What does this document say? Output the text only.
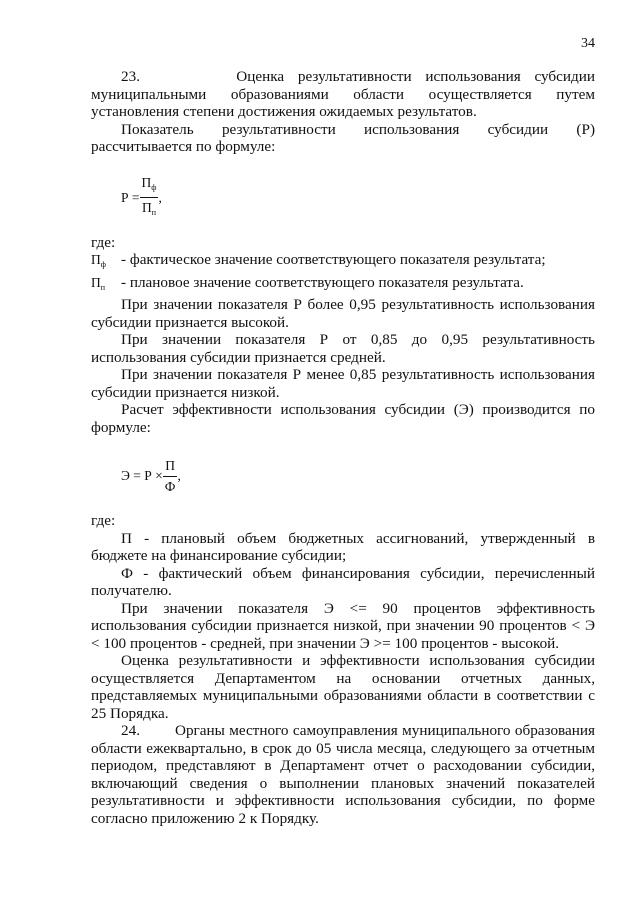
34

23.       Оценка результативности использования субсидии муниципальными образованиями области осуществляется путем установления степени достижения ожидаемых результатов.

Показатель результативности использования субсидии (Р) рассчитывается по формуле:

$Р = \frac{П_ф}{П_п}$ ,

где:

$П_ф$ - фактическое значение соответствующего показателя результата;
$П_п$	- плановое значение соответствующего показателя результата.

При значении показателя Р более 0,95 результативность использования субсидии признается высокой.

При значении показателя Р от 0,85 до 0,95 результативность использования субсидии признается средней.

При значении показателя Р менее 0,85 результативность использования субсидии признается низкой.

Расчет эффективности использования субсидии (Э) производится по формуле:

$Э = Р \times \frac{П}{Ф}$ ,

где:

П - плановый объем бюджетных ассигнований, утвержденный в бюджете на финансирование субсидии;

Ф - фактический объем финансирования субсидии, перечисленный получателю.

При значении показателя Э <= 90 процентов эффективность использования субсидии признается низкой, при значении 90 процентов < Э < 100 процентов - средней, при значении Э >= 100 процентов - высокой.

Оценка результативности и эффективности использования субсидии осуществляется Департаментом на основании отчетных данных, представляемых муниципальными образованиями области в соответствии с 25 Порядка.

24.        Органы местного самоуправления муниципального образования области ежеквартально, в срок до 05 числа месяца, следующего за отчетным периодом, представляют в Департамент отчет о расходовании субсидии, включающий сведения о выполнении плановых значений показателей результативности и эффективности использования субсидии, по форме согласно приложению 2 к Порядку.
